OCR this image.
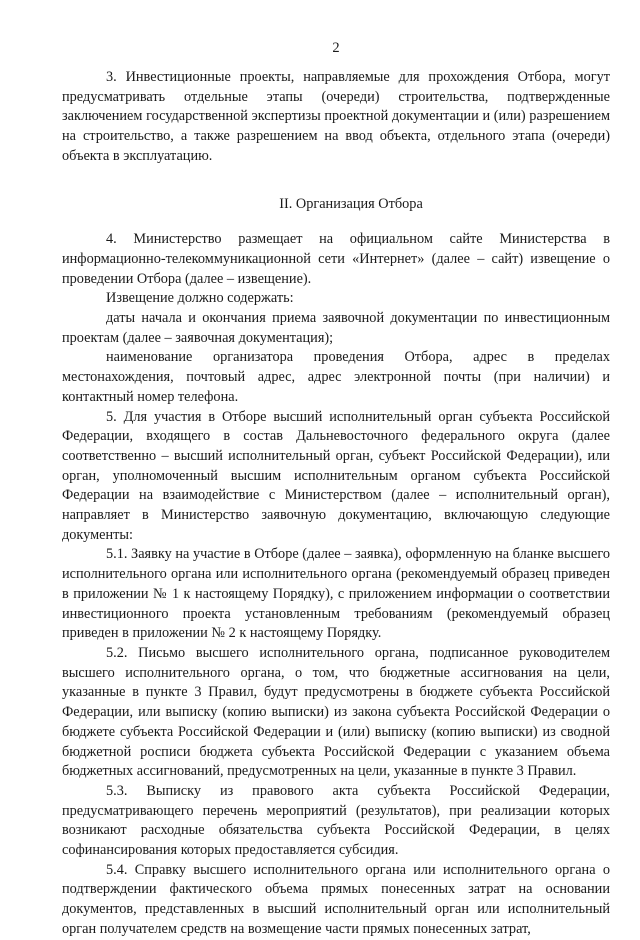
2

3. Инвестиционные проекты, направляемые для прохождения Отбора, могут предусматривать отдельные этапы (очереди) строительства, подтвержденные заключением государственной экспертизы проектной документации и (или) разрешением на строительство, а также разрешением на ввод объекта, отдельного этапа (очереди) объекта в эксплуатацию.

II. Организация Отбора

4. Министерство размещает на официальном сайте Министерства в информационно-телекоммуникационной сети «Интернет» (далее – сайт) извещение о проведении Отбора (далее – извещение).

Извещение должно содержать:

даты начала и окончания приема заявочной документации по инвестиционным проектам (далее – заявочная документация);

наименование организатора проведения Отбора, адрес в пределах местонахождения, почтовый адрес, адрес электронной почты (при наличии) и контактный номер телефона.

5. Для участия в Отборе высший исполнительный орган субъекта Российской Федерации, входящего в состав Дальневосточного федерального округа (далее соответственно – высший исполнительный орган, субъект Российской Федерации), или орган, уполномоченный высшим исполнительным органом субъекта Российской Федерации на взаимодействие с Министерством (далее – исполнительный орган), направляет в Министерство заявочную документацию, включающую следующие документы:

5.1. Заявку на участие в Отборе (далее – заявка), оформленную на бланке высшего исполнительного органа или исполнительного органа (рекомендуемый образец приведен в приложении № 1 к настоящему Порядку), с приложением информации о соответствии инвестиционного проекта установленным требованиям (рекомендуемый образец приведен в приложении № 2 к настоящему Порядку.

5.2. Письмо высшего исполнительного органа, подписанное руководителем высшего исполнительного органа, о том, что бюджетные ассигнования на цели, указанные в пункте 3 Правил, будут предусмотрены в бюджете субъекта Российской Федерации, или выписку (копию выписки) из закона субъекта Российской Федерации о бюджете субъекта Российской Федерации и (или) выписку (копию выписки) из сводной бюджетной росписи бюджета субъекта Российской Федерации с указанием объема бюджетных ассигнований, предусмотренных на цели, указанные в пункте 3 Правил.

5.3. Выписку из правового акта субъекта Российской Федерации, предусматривающего перечень мероприятий (результатов), при реализации которых возникают расходные обязательства субъекта Российской Федерации, в целях софинансирования которых предоставляется субсидия.

5.4. Справку высшего исполнительного органа или исполнительного органа о подтверждении фактического объема прямых понесенных затрат на основании документов, представленных в высший исполнительный орган или исполнительный орган получателем средств на возмещение части прямых понесенных затрат,
